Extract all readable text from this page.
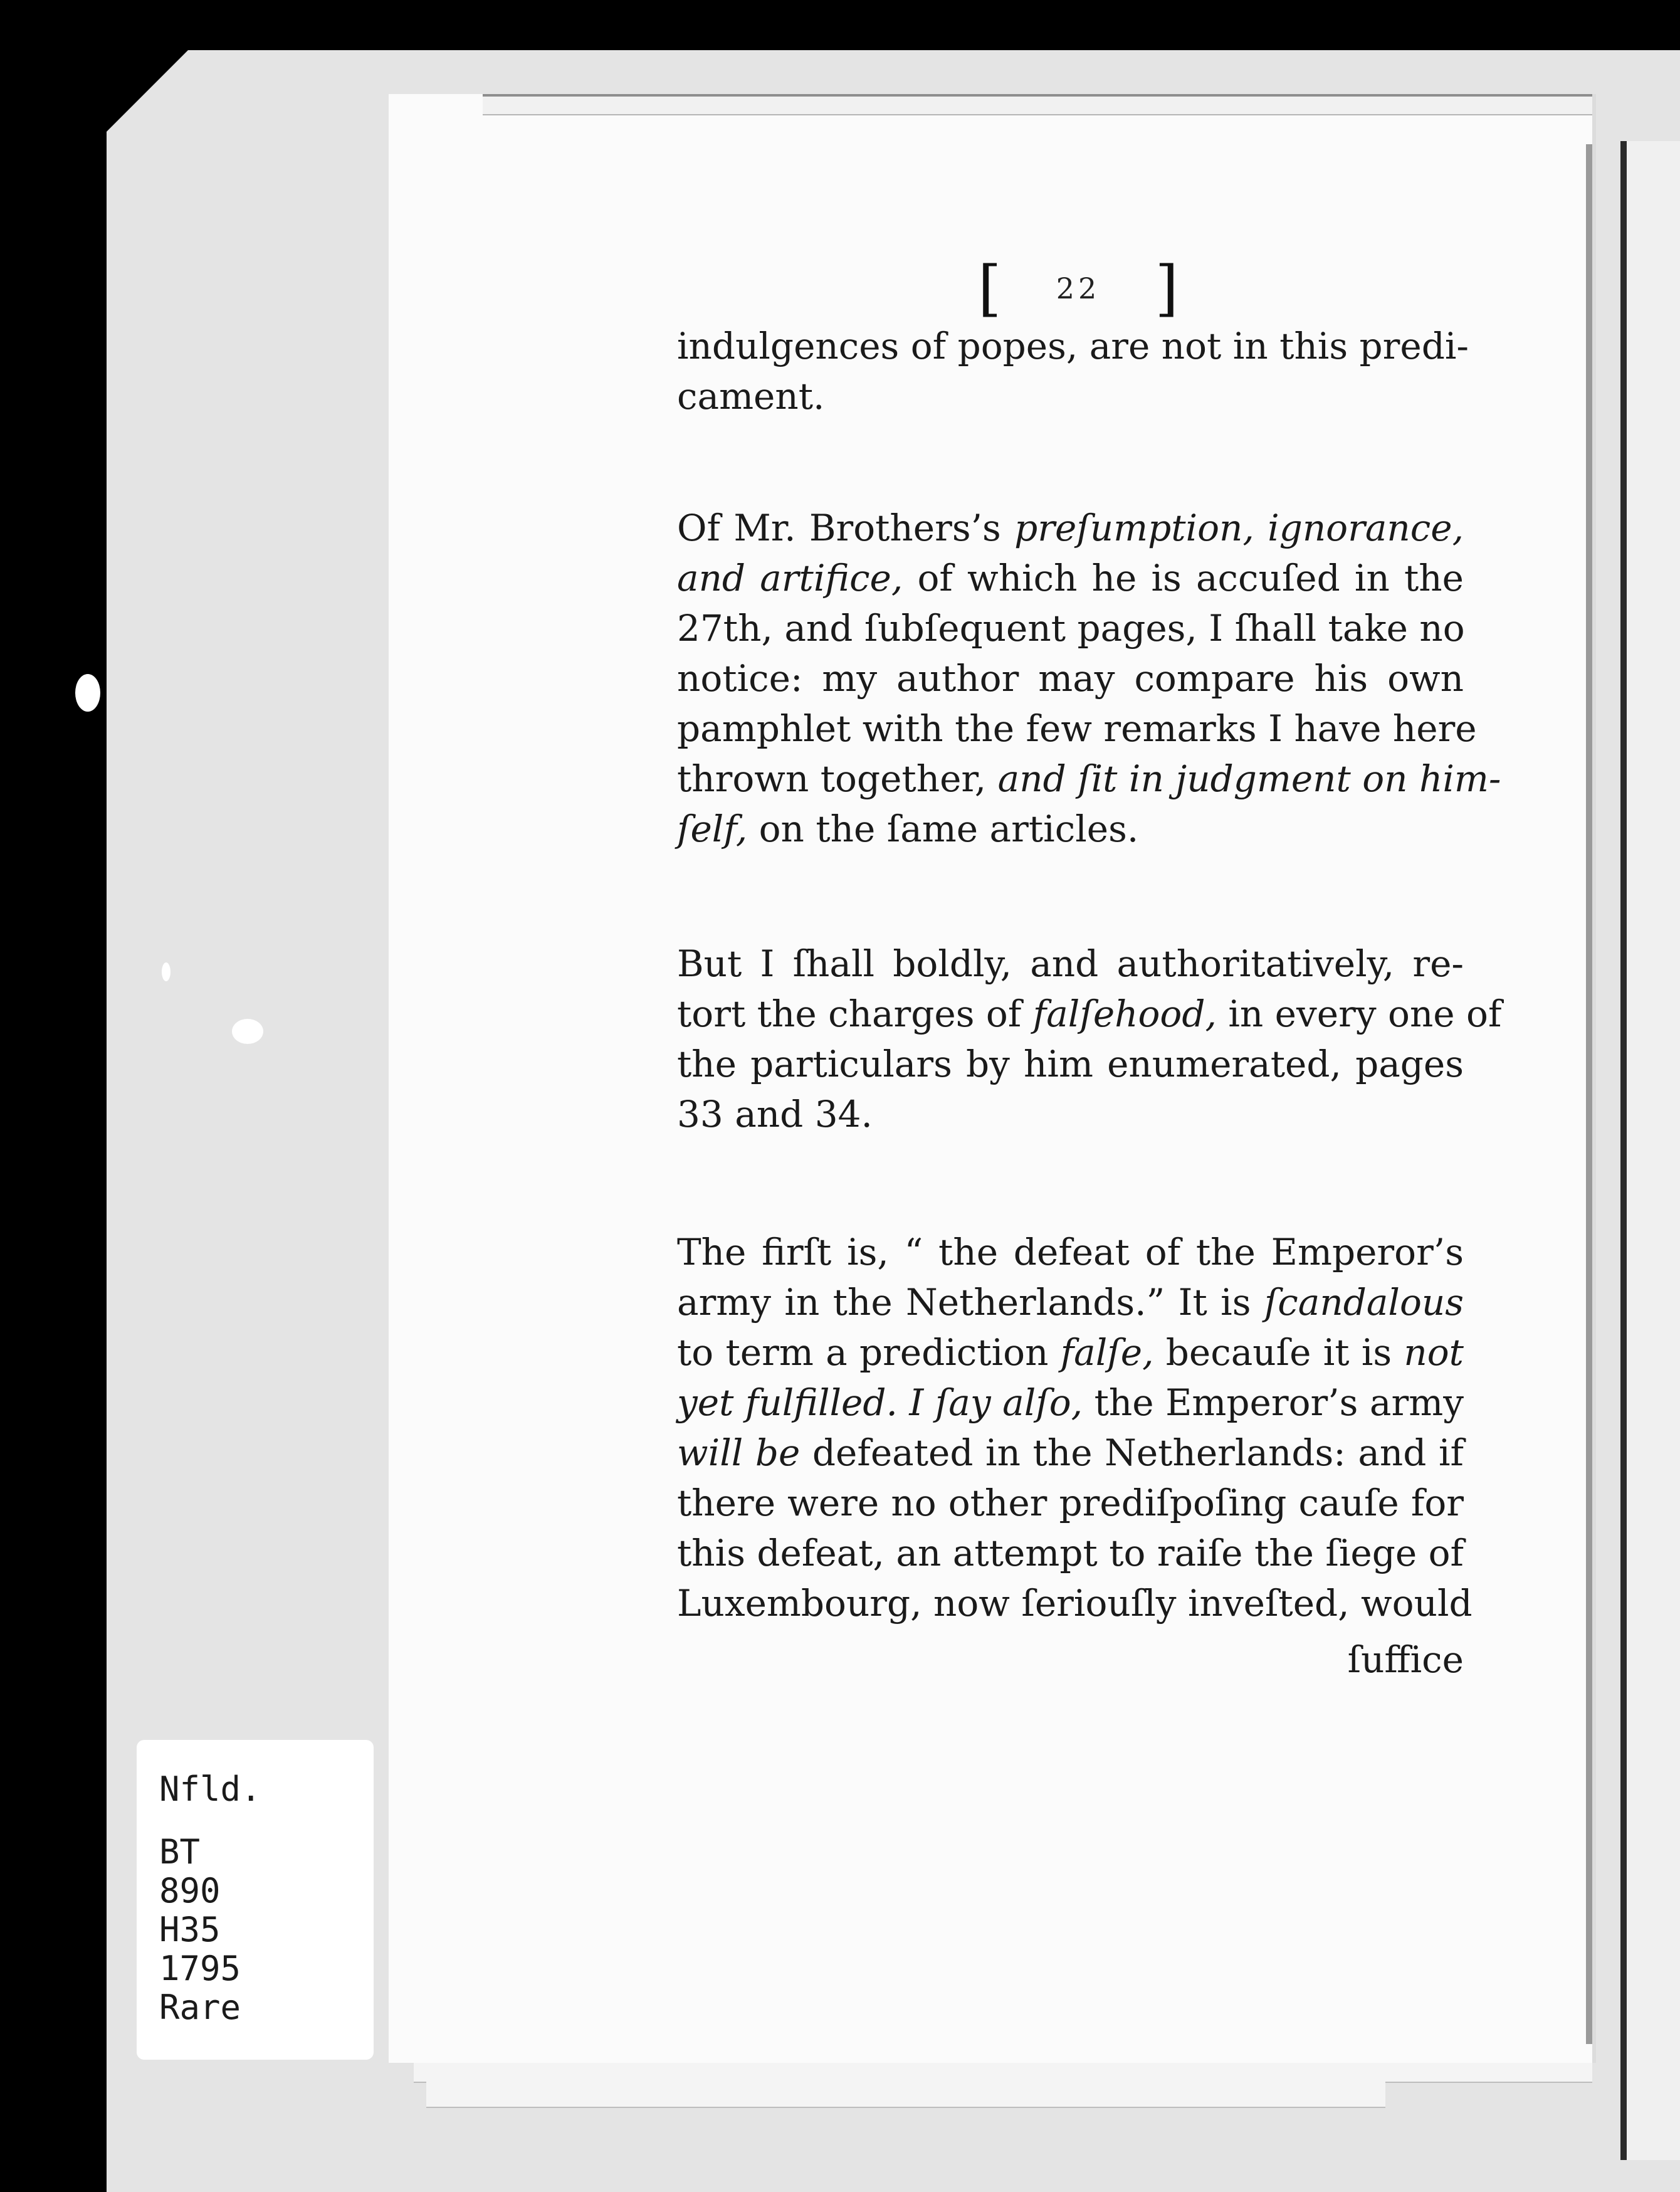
[ 22 ]
indulgences of popes, are not in this predi-
cament.
Of Mr. Brothers’s preſumption, ignorance,
and artifice, of which he is accuſed in the
27th, and ſubſequent pages, I ſhall take no
notice: my author may compare his own
pamphlet with the few remarks I have here
thrown together, and ſit in judgment on him-
ſelf, on the ſame articles.
But I ſhall boldly, and authoritatively, re-
tort the charges of falſehood, in every one of
the particulars by him enumerated, pages
33 and 34.
The firſt is, “ the defeat of the Emperor’s
army in the Netherlands.” It is ſcandalous
to term a prediction falſe, becauſe it is not
yet fulfilled. I ſay alſo, the Emperor’s army
will be defeated in the Netherlands: and if
there were no other prediſpoſing cauſe for
this defeat, an attempt to raiſe the ſiege of
Luxembourg, now ſeriouſly inveſted, would
ſuffice
Nfld.
BT
890
H35
1795
Rare
